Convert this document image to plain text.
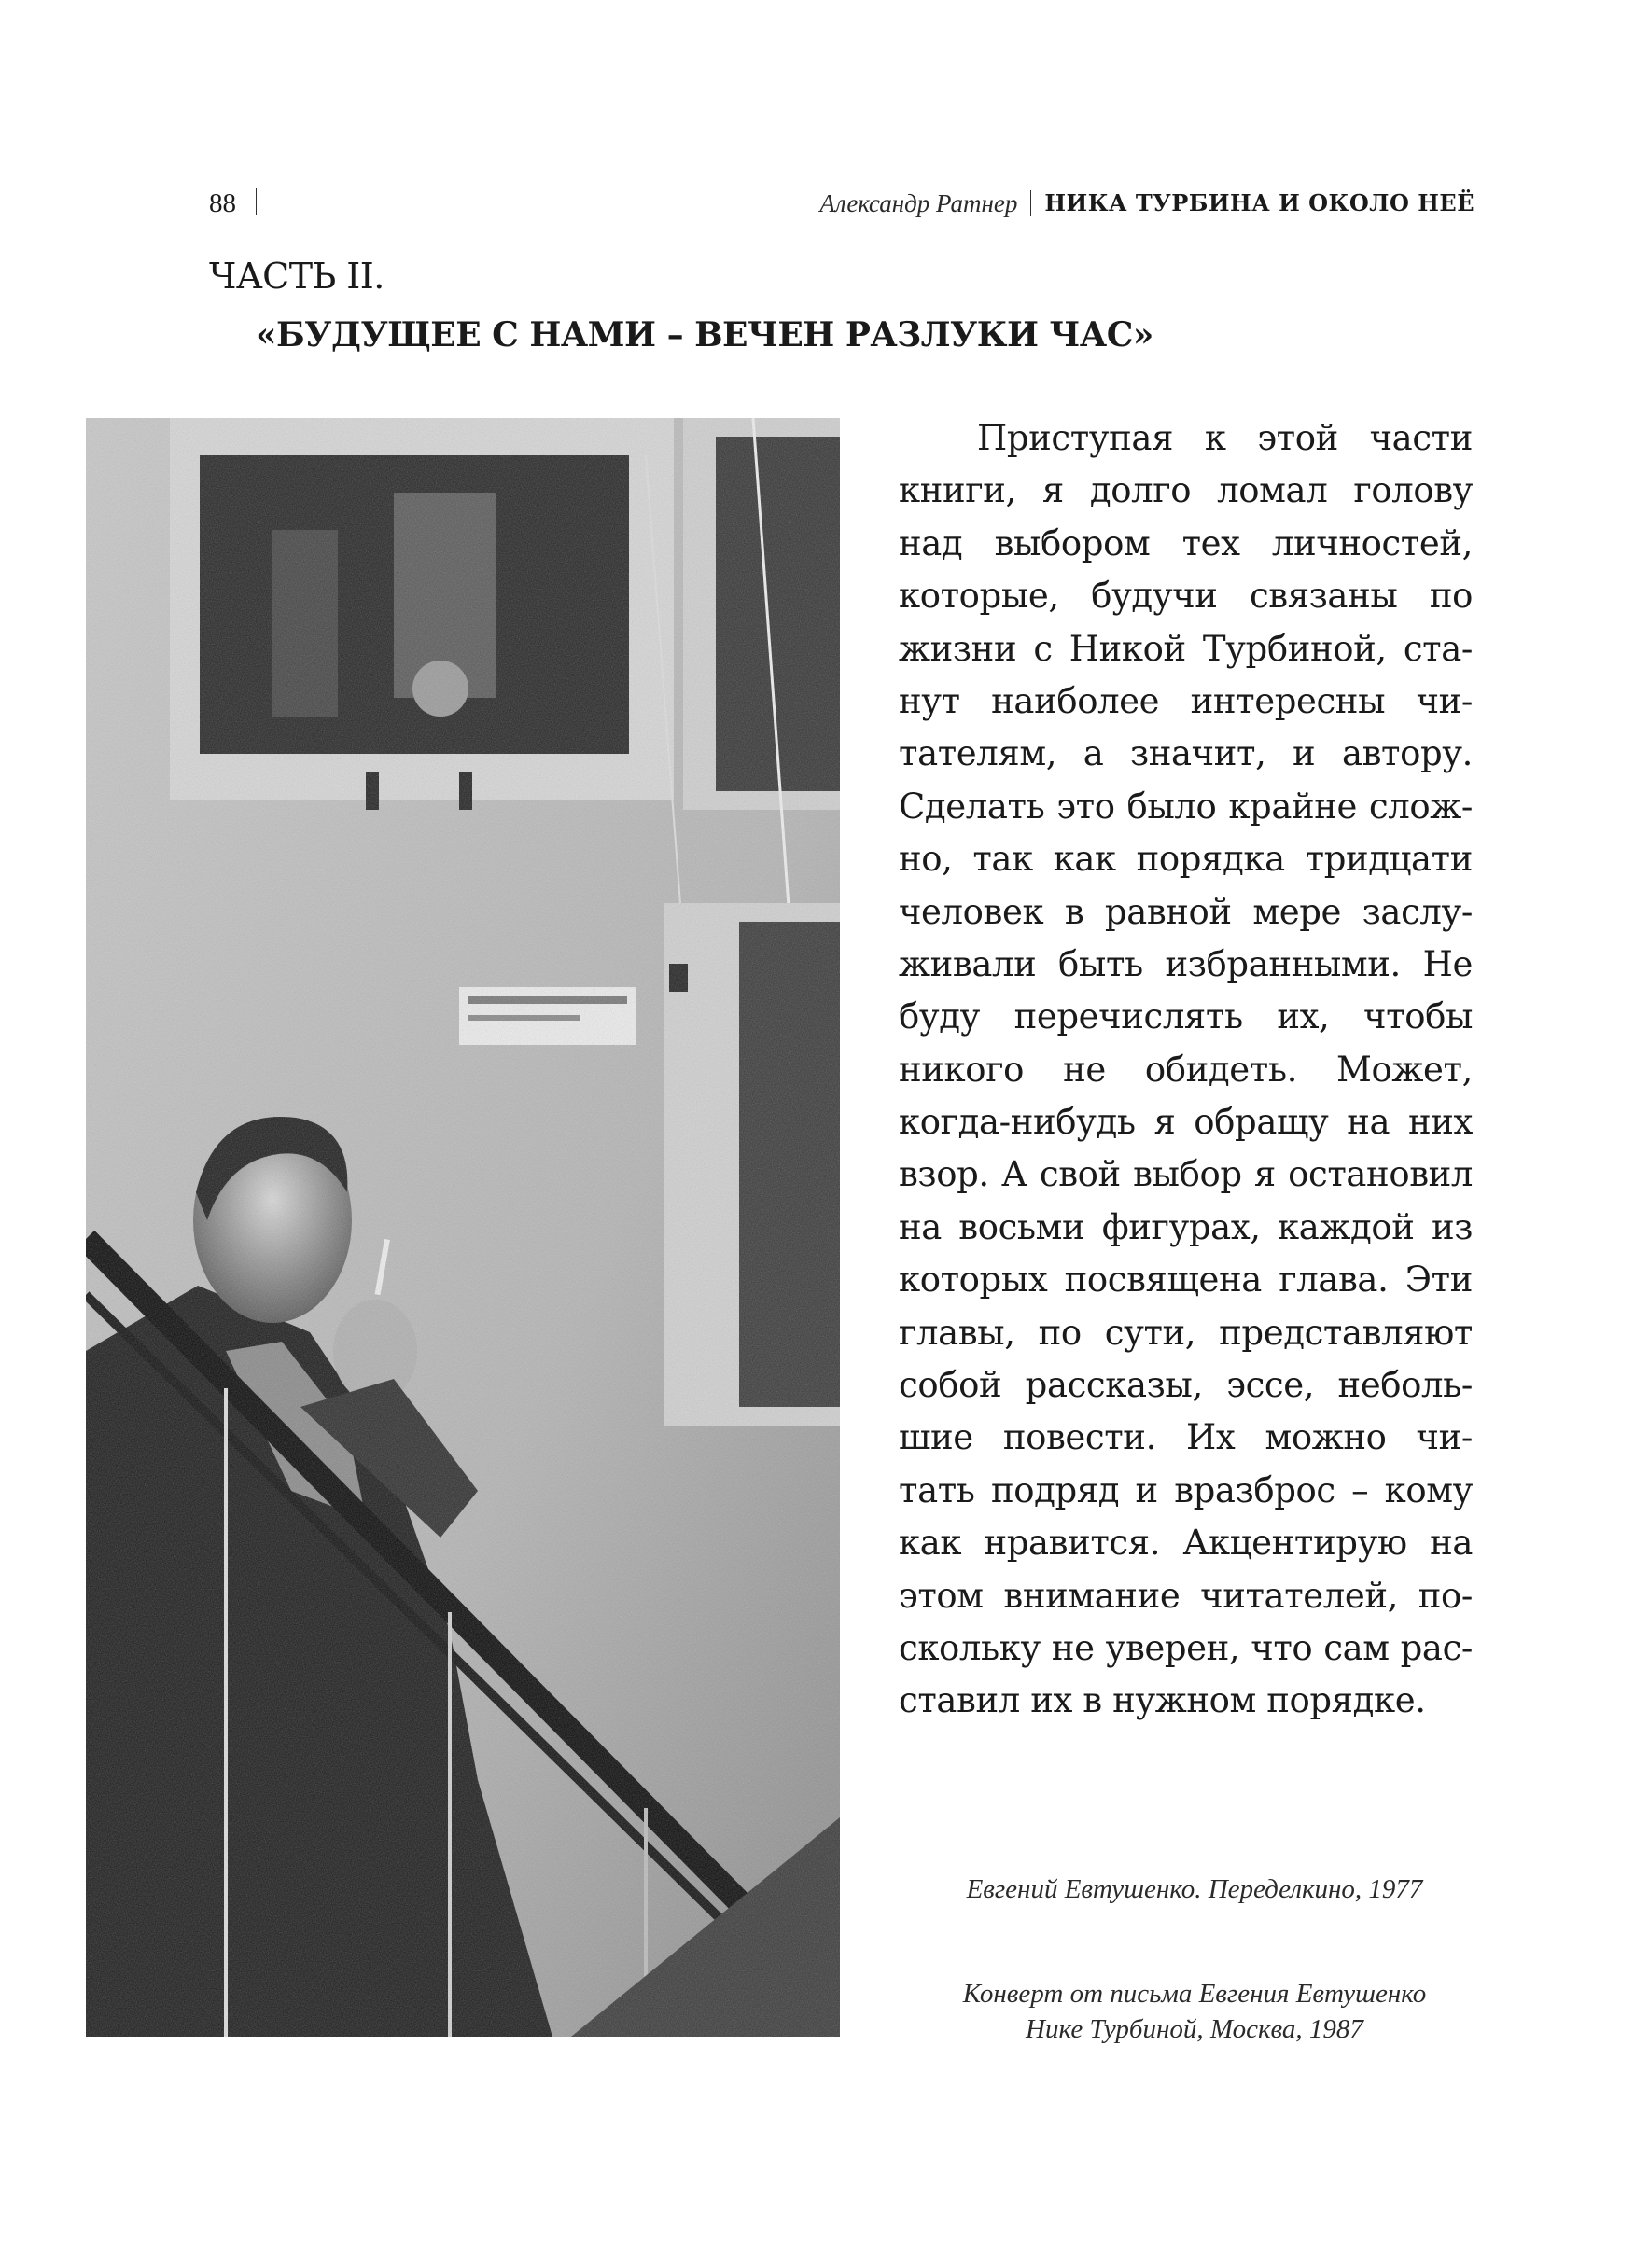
88	Александр Ратнер НИКА ТУРБИНА И ОКОЛО НЕЁ
ЧАСТЬ II.
«БУДУЩЕЕ С НАМИ – ВЕЧЕН РАЗЛУКИ ЧАС»
Приступая к этой части
книги, я долго ломал голову
над выбором тех личностей,
которые, будучи связаны по
жизни с Никой Турбиной, ста-
нут наиболее интересны чи-
тателям, а значит, и автору.
Сделать это было крайне слож-
но, так как порядка тридцати
человек в равной мере заслу-
живали быть избранными. Не
буду перечислять их, чтобы
никого не обидеть. Может,
когда-нибудь я обращу на них
взор. А свой выбор я остановил
на восьми фигурах, каждой из
которых посвящена глава. Эти
главы, по сути, представляют
собой рассказы, эссе, неболь-
шие повести. Их можно чи-
тать подряд и вразброс – кому
как нравится. Акцентирую на
этом внимание читателей, по-
скольку не уверен, что сам рас-
ставил их в нужном порядке.
Евгений Евтушенко. Переделкино, 1977
Конверт от письма Евгения Евтушенко
Нике Турбиной, Москва, 1987
